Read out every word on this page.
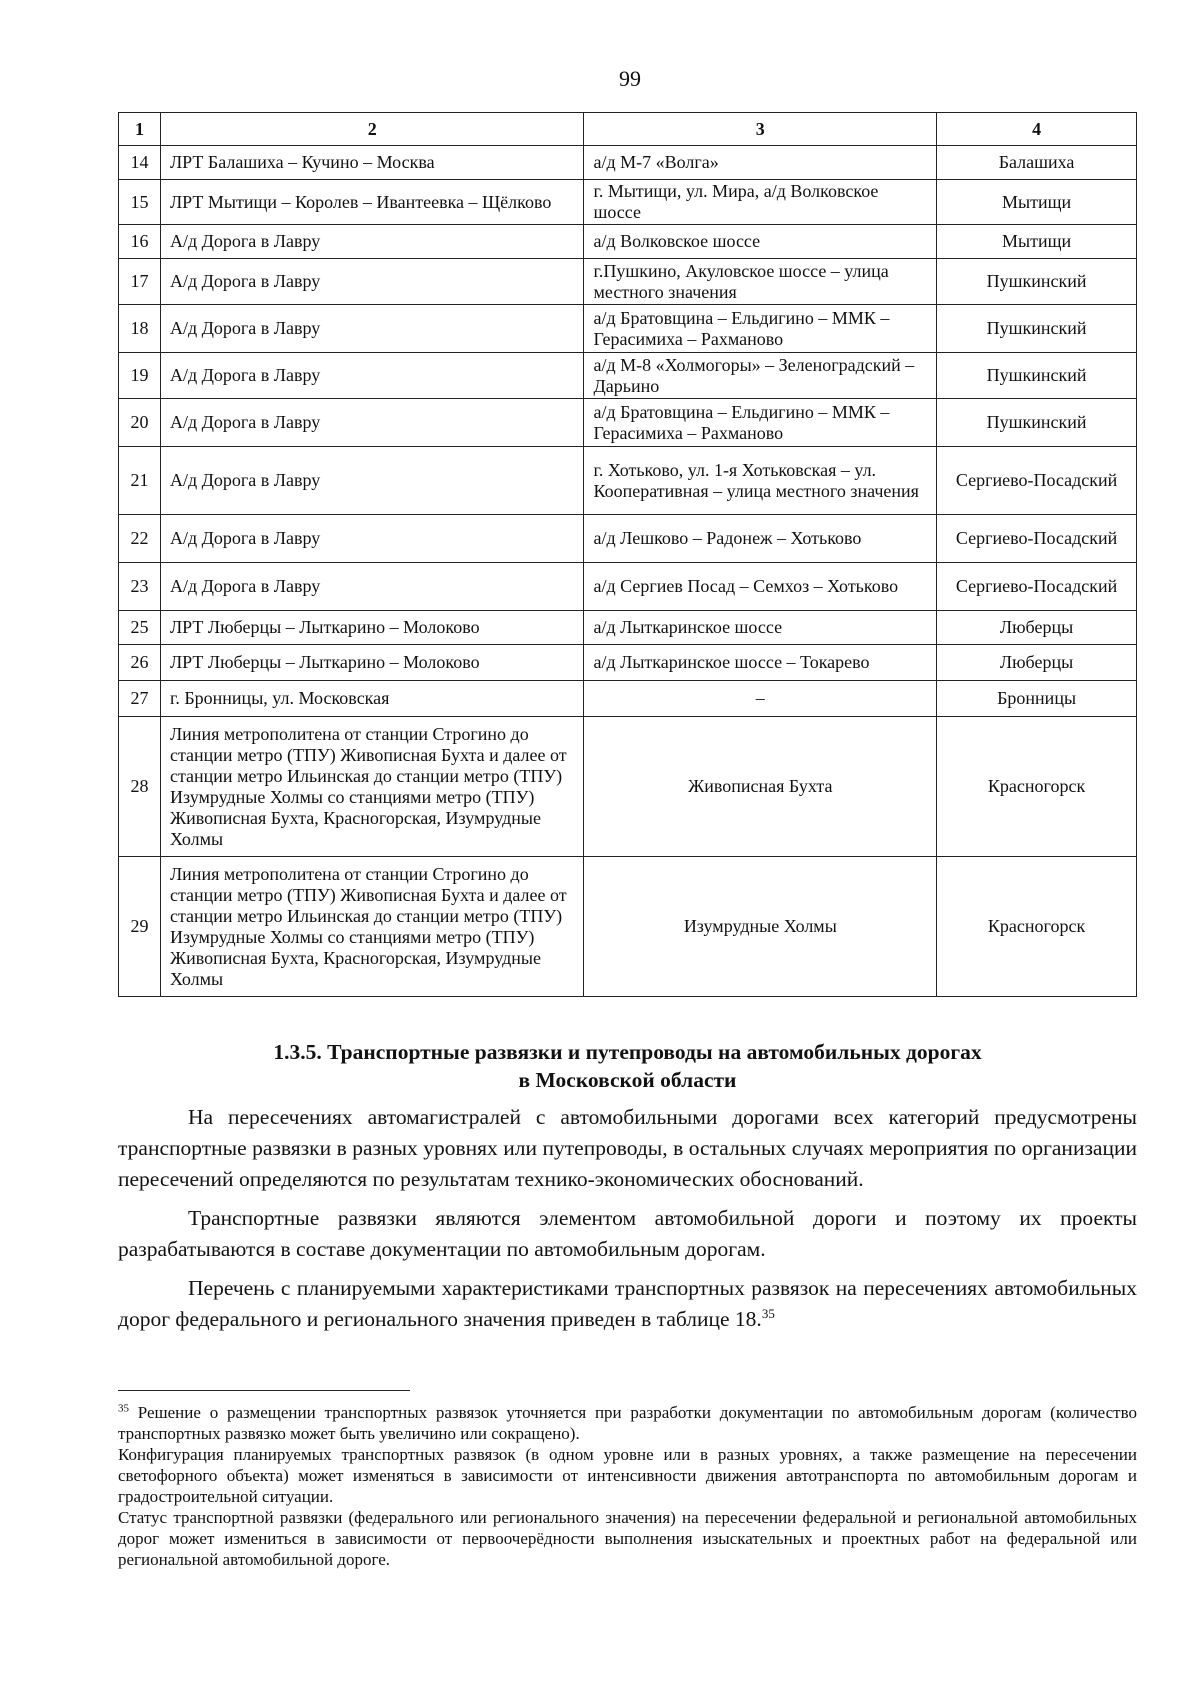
99
1	2	3	4
14	ЛРТ Балашиха – Кучино – Москва	а/д М-7 «Волга»	Балашиха
15	ЛРТ Мытищи – Королев – Ивантеевка – Щёлково	г. Мытищи, ул. Мира, а/д Волковское шоссе	Мытищи
16	А/д Дорога в Лавру	а/д Волковское шоссе	Мытищи
17	А/д Дорога в Лавру	г.Пушкино, Акуловское шоссе – улица местного значения	Пушкинский
18	А/д Дорога в Лавру	а/д Братовщина – Ельдигино – ММК – Герасимиха – Рахманово	Пушкинский
19	А/д Дорога в Лавру	а/д М-8 «Холмогоры» – Зеленоградский – Дарьино	Пушкинский
20	А/д Дорога в Лавру	а/д Братовщина – Ельдигино – ММК – Герасимиха – Рахманово	Пушкинский
21	А/д Дорога в Лавру	г. Хотьково, ул. 1-я Хотьковская – ул. Кооперативная – улица местного значения	Сергиево-Посадский
22	А/д Дорога в Лавру	а/д Лешково – Радонеж – Хотьково	Сергиево-Посадский
23	А/д Дорога в Лавру	а/д Сергиев Посад – Семхоз – Хотьково	Сергиево-Посадский
25	ЛРТ Люберцы – Лыткарино – Молоково	а/д Лыткаринское шоссе	Люберцы
26	ЛРТ Люберцы – Лыткарино – Молоково	а/д Лыткаринское шоссе – Токарево	Люберцы
27	г. Бронницы, ул. Московская	–	Бронницы
28	Линия метрополитена от станции Строгино до станции метро (ТПУ) Живописная Бухта и далее от станции метро Ильинская до станции метро (ТПУ) Изумрудные Холмы со станциями метро (ТПУ) Живописная Бухта, Красногорская, Изумрудные Холмы	Живописная Бухта	Красногорск
29	Линия метрополитена от станции Строгино до станции метро (ТПУ) Живописная Бухта и далее от станции метро Ильинская до станции метро (ТПУ) Изумрудные Холмы со станциями метро (ТПУ) Живописная Бухта, Красногорская, Изумрудные Холмы	Изумрудные Холмы	Красногорск
1.3.5. Транспортные развязки и путепроводы на автомобильных дорогах
в Московской области

На пересечениях автомагистралей с автомобильными дорогами всех категорий предусмотрены транспортные развязки в разных уровнях или путепроводы, в остальных случаях мероприятия по организации пересечений определяются по результатам технико-экономических обоснований.

Транспортные развязки являются элементом автомобильной дороги и поэтому их проекты разрабатываются в составе документации по автомобильным дорогам.

Перечень с планируемыми характеристиками транспортных развязок на пересечениях автомобильных дорог федерального и регионального значения приведен в таблице 18.35

$^{35}$ Решение о размещении транспортных развязок уточняется при разработки документации по автомобильным дорогам (количество транспортных развязко может быть увеличино или сокращено).

Конфигурация планируемых транспортных развязок (в одном уровне или в разных уровнях, а также размещение на пересечении светофорного объекта) может изменяться в зависимости от интенсивности движения автотранспорта по автомобильным дорогам и градостроительной ситуации.

Статус транспортной развязки (федерального или регионального значения) на пересечении федеральной и региональной автомобильных дорог может измениться в зависимости от первоочерёдности выполнения изыскательных и проектных работ на федеральной или региональной автомобильной дороге.
